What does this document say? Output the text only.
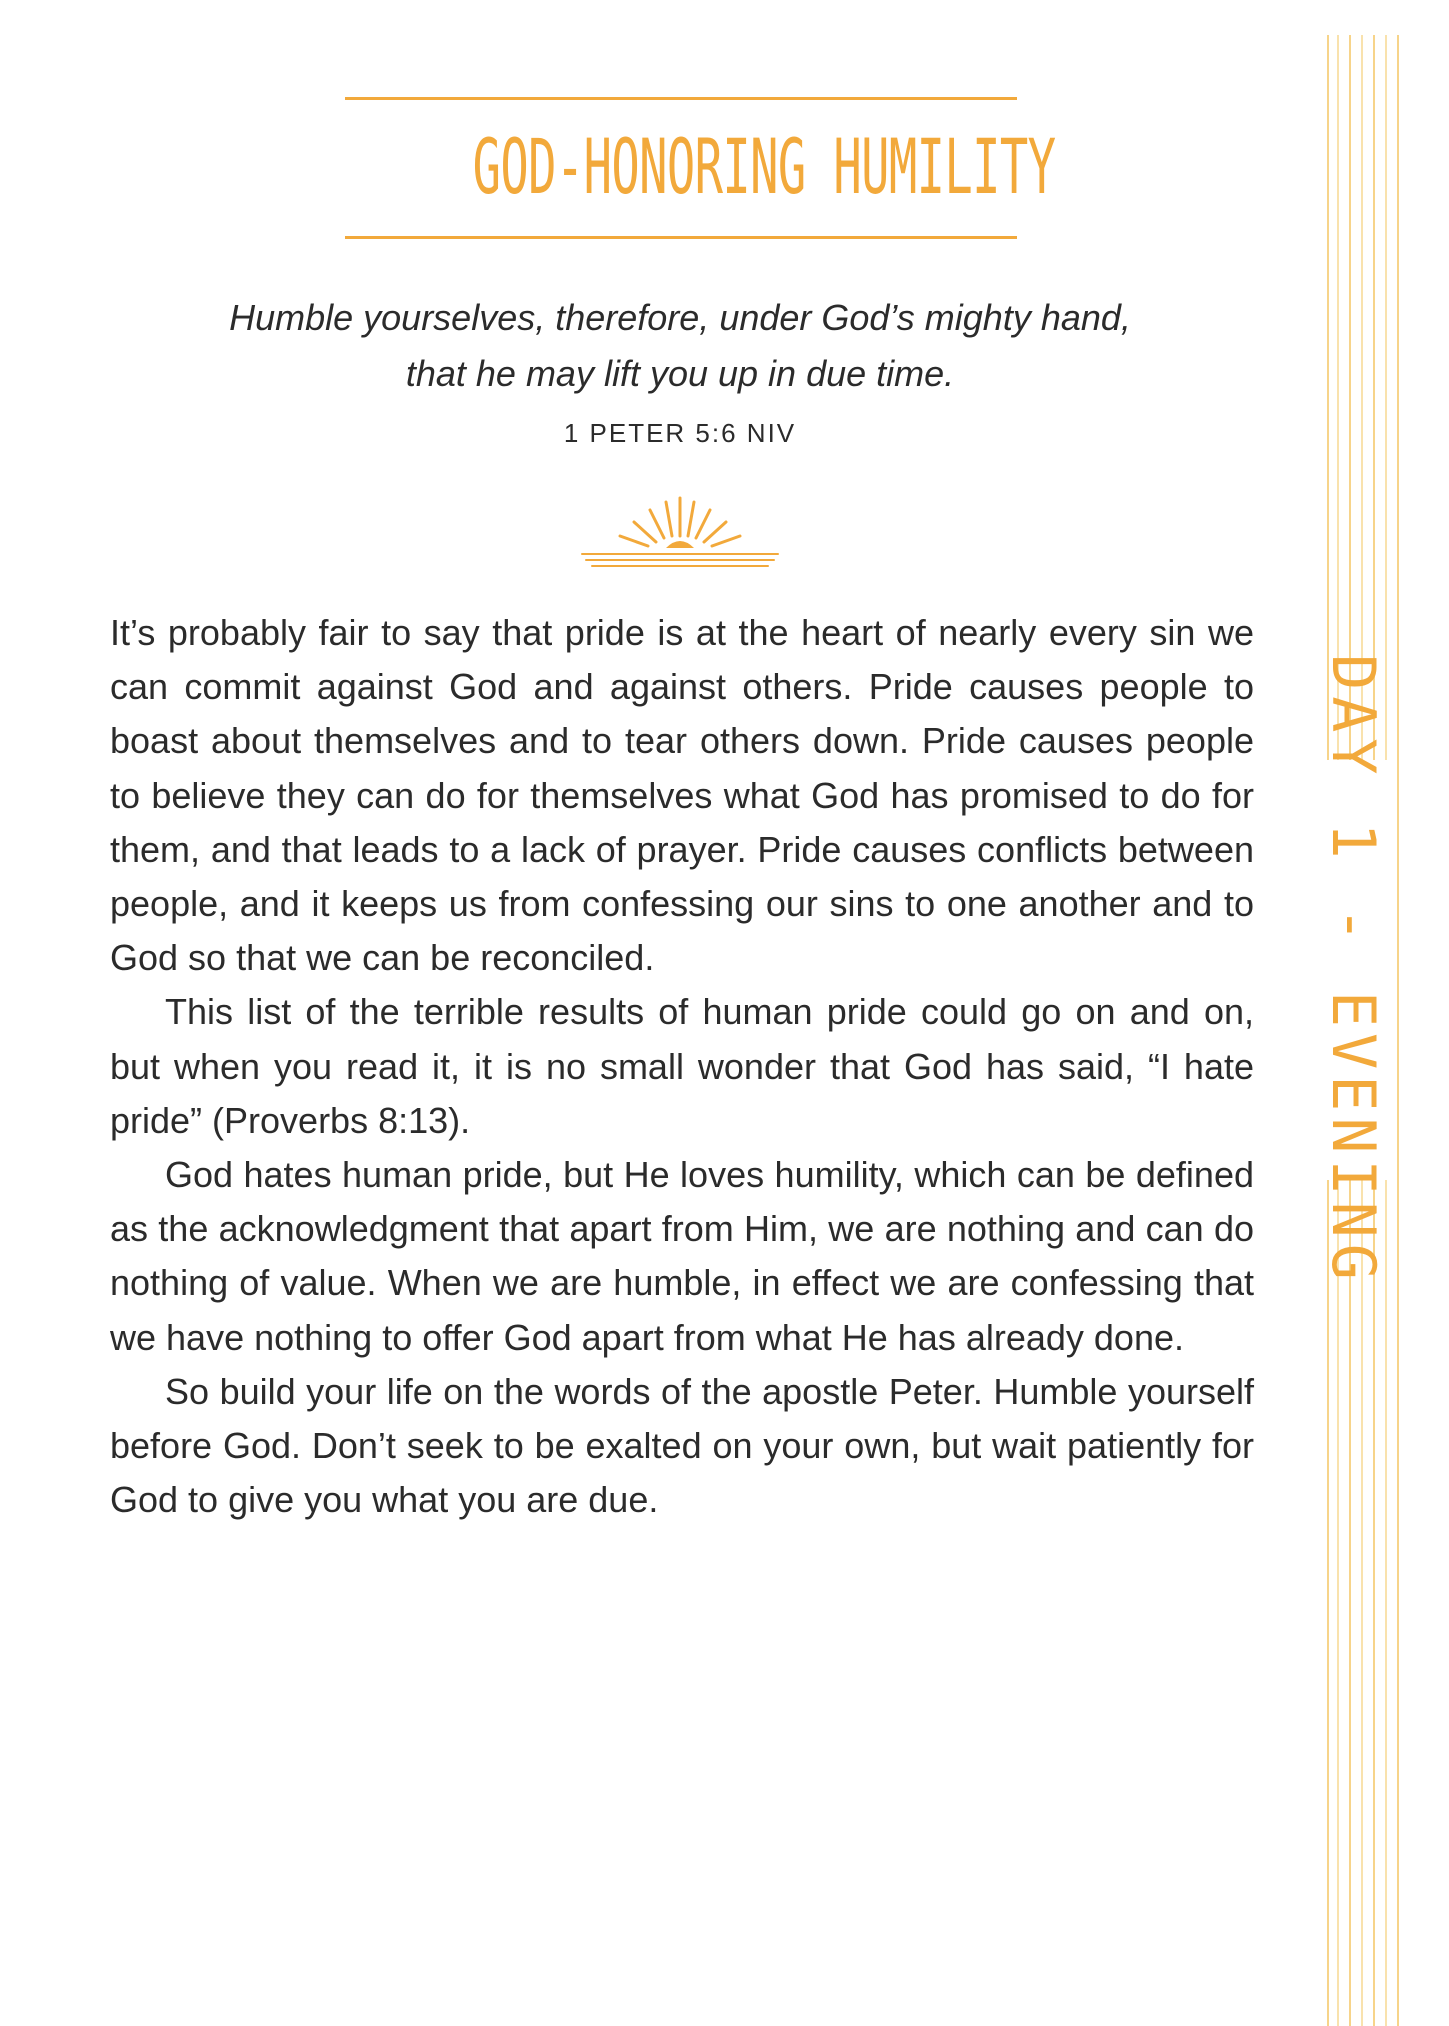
GOD-HONORING HUMILITY
Humble yourselves, therefore, under God’s mighty hand,
that he may lift you up in due time.
1 PETER 5:6 NIV

It’s probably fair to say that pride is at the heart of nearly every sin we can commit against God and against others. Pride causes people to boast about themselves and to tear others down. Pride causes people to believe they can do for themselves what God has promised to do for them, and that leads to a lack of prayer. Pride causes conflicts between people, and it keeps us from confessing our sins to one another and to God so that we can be reconciled.

This list of the terrible results of human pride could go on and on, but when you read it, it is no small wonder that God has said, “I hate pride” (Proverbs 8:13).

God hates human pride, but He loves humility, which can be defined as the acknowledgment that apart from Him, we are nothing and can do nothing of value. When we are humble, in effect we are confessing that we have nothing to offer God apart from what He has already done.

So build your life on the words of the apostle Peter. Humble yourself before God. Don’t seek to be exalted on your own, but wait patiently for God to give you what you are due.

DAY 1 - EVENING
